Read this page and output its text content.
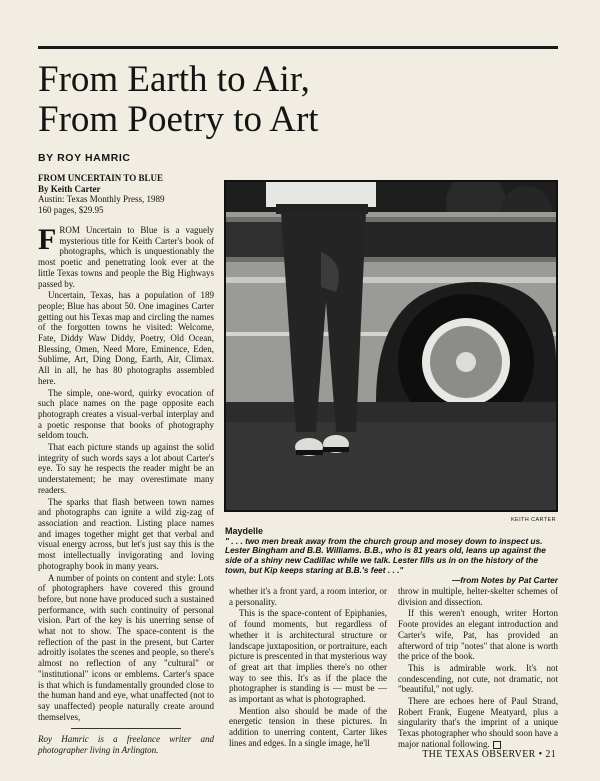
From Earth to Air,
From Poetry to Art
BY ROY HAMRIC
FROM UNCERTAIN TO BLUE
By Keith Carter
Austin: Texas Monthly Press, 1989
160 pages, $29.95

FROM Uncertain to Blue is a vaguely mysterious title for Keith Carter's book of photographs, which is unquestionably the most poetic and penetrating look ever at the little Texas towns and people the Big Highways passed by.

Uncertain, Texas, has a population of 189 people; Blue has about 50. One imagines Carter getting out his Texas map and circling the names of the forgotten towns he visited: Welcome, Fate, Diddy Waw Diddy, Poetry, Old Ocean, Blessing, Omen, Need More, Eminence, Eden, Sublime, Art, Ding Dong, Earth, Air, Climax. All in all, he has 80 photographs assembled here.

The simple, one-word, quirky evocation of such place names on the page opposite each photograph creates a visual-verbal interplay and a poetic response that books of photography seldom touch.

That each picture stands up against the solid integrity of such words says a lot about Carter's eye. To say he respects the reader might be an understatement; he may overestimate many readers.

The sparks that flash between town names and photographs can ignite a wild zig-zag of association and reaction. Listing place names and images together might get that verbal and visual energy across, but let's just say this is the most intellectually invigorating and loving photography book in many years.

A number of points on content and style: Lots of photographers have covered this ground before, but none have produced such a sustained performance, with such continuity of personal vision. Part of the key is his unerring sense of what not to show. The space-content is the reflection of the past in the present, but Carter adroitly isolates the scenes and people, so there's almost no reflection of any "cultural" or "institutional" icons or emblems. Carter's space is that which is fundamentally grounded close to the human hand and eye, what unaffected (not to say unaffected) people naturally create around themselves,

Roy Hamric is a freelance writer and photographer living in Arlington.

KEITH CARTER
Maydelle
" . . . two men break away from the church group and mosey down to inspect us. Lester Bingham and B.B. Williams. B.B., who is 81 years old, leans up against the side of a shiny new Cadillac while we talk. Lester fills us in on the history of the town, but Kip keeps staring at B.B.'s feet . . ."
—from Notes by Pat Carter

whether it's a front yard, a room interior, or a personality.

This is the space-content of Epiphanies, of found moments, but regardless of whether it is architectural structure or landscape juxtaposition, or portraiture, each picture is prescented in that mysterious way of great art that implies there's no other way to see this. It's as if the place the photographer is standing is — must be — as important as what is photographed.

Mention also should be made of the energetic tension in these pictures. In addition to unerring content, Carter likes lines and edges. In a single image, he'll

throw in multiple, helter-skelter schemes of division and dissection.

If this weren't enough, writer Horton Foote provides an elegant introduction and Carter's wife, Pat, has provided an afterword of trip "notes" that alone is worth the price of the book.

This is admirable work. It's not condescending, not cute, not dramatic, not "beautiful," not ugly.

There are echoes here of Paul Strand, Robert Frank, Eugene Meatyard, plus a singularity that's the imprint of a unique Texas photographer who should soon have a major national following.

THE TEXAS OBSERVER • 21
